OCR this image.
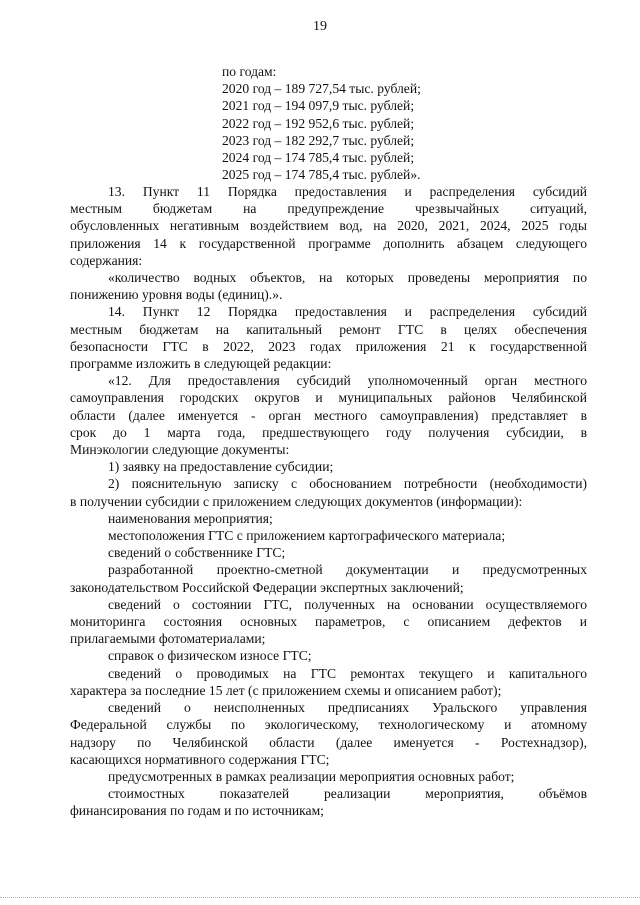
19
по годам:
2020 год – 189 727,54 тыс. рублей;
2021 год – 194 097,9 тыс. рублей;
2022 год – 192 952,6 тыс. рублей;
2023 год – 182 292,7 тыс. рублей;
2024 год – 174 785,4 тыс. рублей;
2025 год – 174 785,4 тыс. рублей».
13. Пункт 11 Порядка предоставления и распределения субсидий
местным бюджетам на предупреждение чрезвычайных ситуаций,
обусловленных негативным воздействием вод, на 2020, 2021, 2024, 2025 годы
приложения 14 к государственной программе дополнить абзацем следующего
содержания:
«количество водных объектов, на которых проведены мероприятия по
понижению уровня воды (единиц).».
14. Пункт 12 Порядка предоставления и распределения субсидий
местным бюджетам на капитальный ремонт ГТС в целях обеспечения
безопасности ГТС в 2022, 2023 годах приложения 21 к государственной
программе изложить в следующей редакции:
«12. Для предоставления субсидий уполномоченный орган местного
самоуправления городских округов и муниципальных районов Челябинской
области (далее именуется - орган местного самоуправления) представляет в
срок до 1 марта года, предшествующего году получения субсидии, в
Минэкологии следующие документы:
1) заявку на предоставление субсидии;
2) пояснительную записку с обоснованием потребности (необходимости)
в получении субсидии с приложением следующих документов (информации):
наименования мероприятия;
местоположения ГТС с приложением картографического материала;
сведений о собственнике ГТС;
разработанной проектно-сметной документации и предусмотренных
законодательством Российской Федерации экспертных заключений;
сведений о состоянии ГТС, полученных на основании осуществляемого
мониторинга состояния основных параметров, с описанием дефектов и
прилагаемыми фотоматериалами;
справок о физическом износе ГТС;
сведений о проводимых на ГТС ремонтах текущего и капитального
характера за последние 15 лет (с приложением схемы и описанием работ);
сведений о неисполненных предписаниях Уральского управления
Федеральной службы по экологическому, технологическому и атомному
надзору по Челябинской области (далее именуется - Ростехнадзор),
касающихся нормативного содержания ГТС;
предусмотренных в рамках реализации мероприятия основных работ;
стоимостных показателей реализации мероприятия, объёмов
финансирования по годам и по источникам;
